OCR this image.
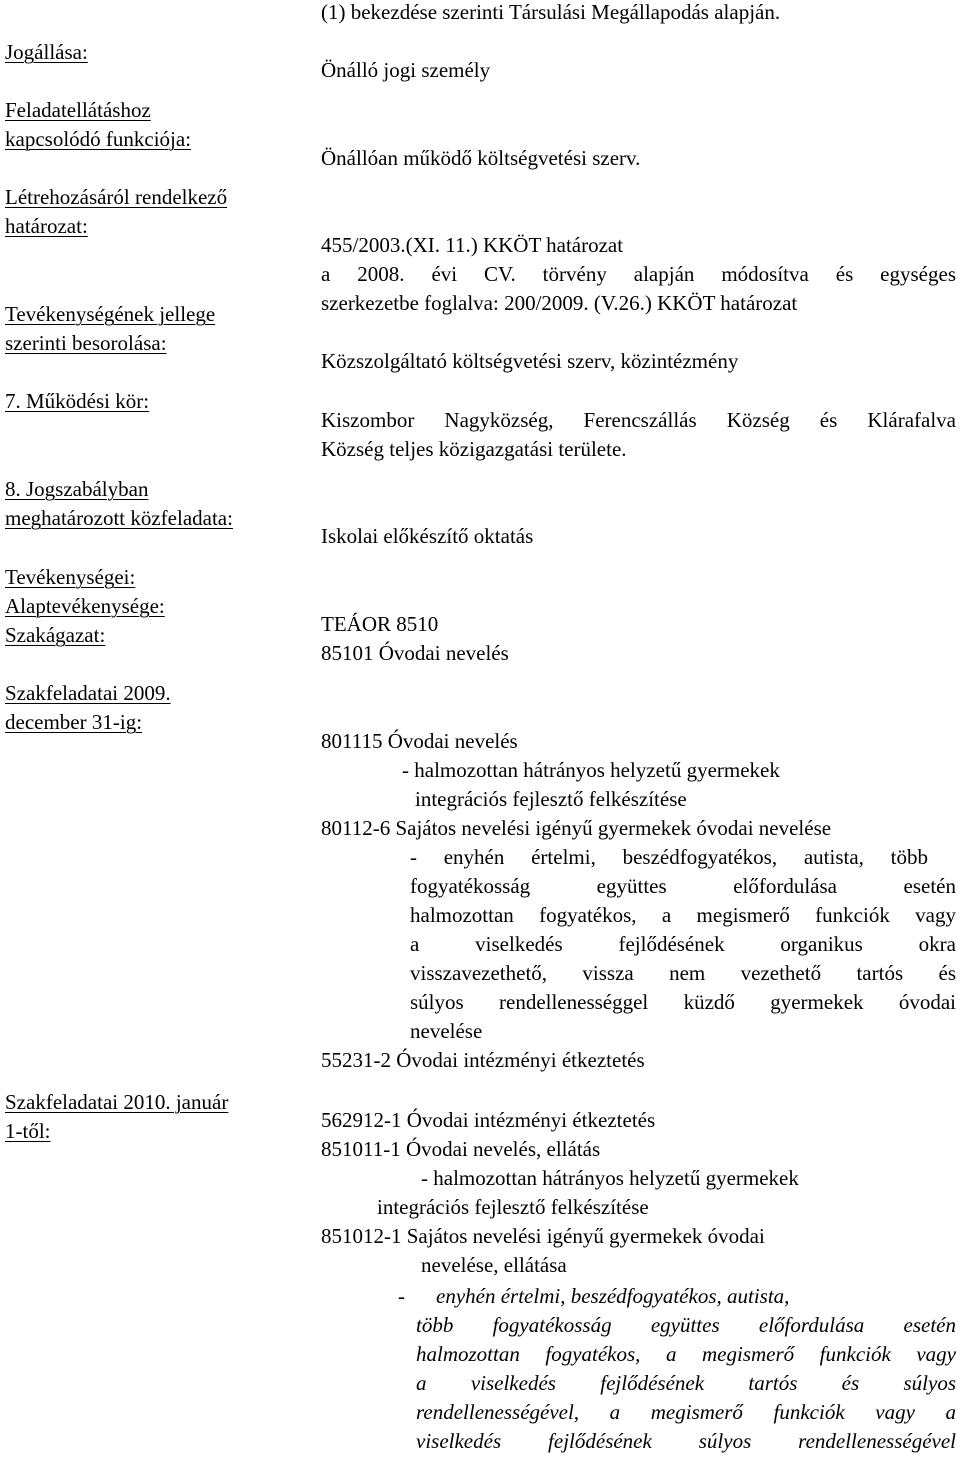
Jogállása:
Feladatellátáshoz
kapcsolódó funkciója:
Létrehozásáról rendelkező
határozat:
Tevékenységének jellege
szerinti besorolása:
7. Működési kör:
8. Jogszabályban
meghatározott közfeladata:
Tevékenységei:
Alaptevékenysége:
Szakágazat:
Szakfeladatai 2009.
december 31-ig:
Szakfeladatai 2010. január
1-től:
(1) bekezdése szerinti Társulási Megállapodás alapján.
Önálló jogi személy
Önállóan működő költségvetési szerv.
455/2003.(XI. 11.) KKÖT határozat
a 2008. évi CV. törvény alapján módosítva és egységes
szerkezetbe foglalva: 200/2009. (V.26.) KKÖT határozat
Közszolgáltató költségvetési szerv, közintézmény
Kiszombor Nagyközség, Ferencszállás Község és Klárafalva
Község teljes közigazgatási területe.
Iskolai előkészítő oktatás
TEÁOR 8510
85101 Óvodai nevelés
801115 Óvodai nevelés
- halmozottan hátrányos helyzetű gyermekek
integrációs fejlesztő felkészítése
80112-6 Sajátos nevelési igényű gyermekek óvodai nevelése
- enyhén értelmi, beszédfogyatékos, autista, több
fogyatékosság együttes előfordulása esetén
halmozottan fogyatékos, a megismerő funkciók vagy
a viselkedés fejlődésének organikus okra
visszavezethető, vissza nem vezethető tartós és
súlyos rendellenességgel küzdő gyermekek óvodai
nevelése
55231-2 Óvodai intézményi étkeztetés
562912-1 Óvodai intézményi étkeztetés
851011-1 Óvodai nevelés, ellátás
- halmozottan hátrányos helyzetű gyermekek
integrációs fejlesztő felkészítése
851012-1 Sajátos nevelési igényű gyermekek óvodai
nevelése, ellátása
- enyhén értelmi, beszédfogyatékos, autista,
több fogyatékosság együttes előfordulása esetén
halmozottan fogyatékos, a megismerő funkciók vagy
a viselkedés fejlődésének tartós és súlyos
rendellenességével, a megismerő funkciók vagy a
viselkedés fejlődésének súlyos rendellenességével
